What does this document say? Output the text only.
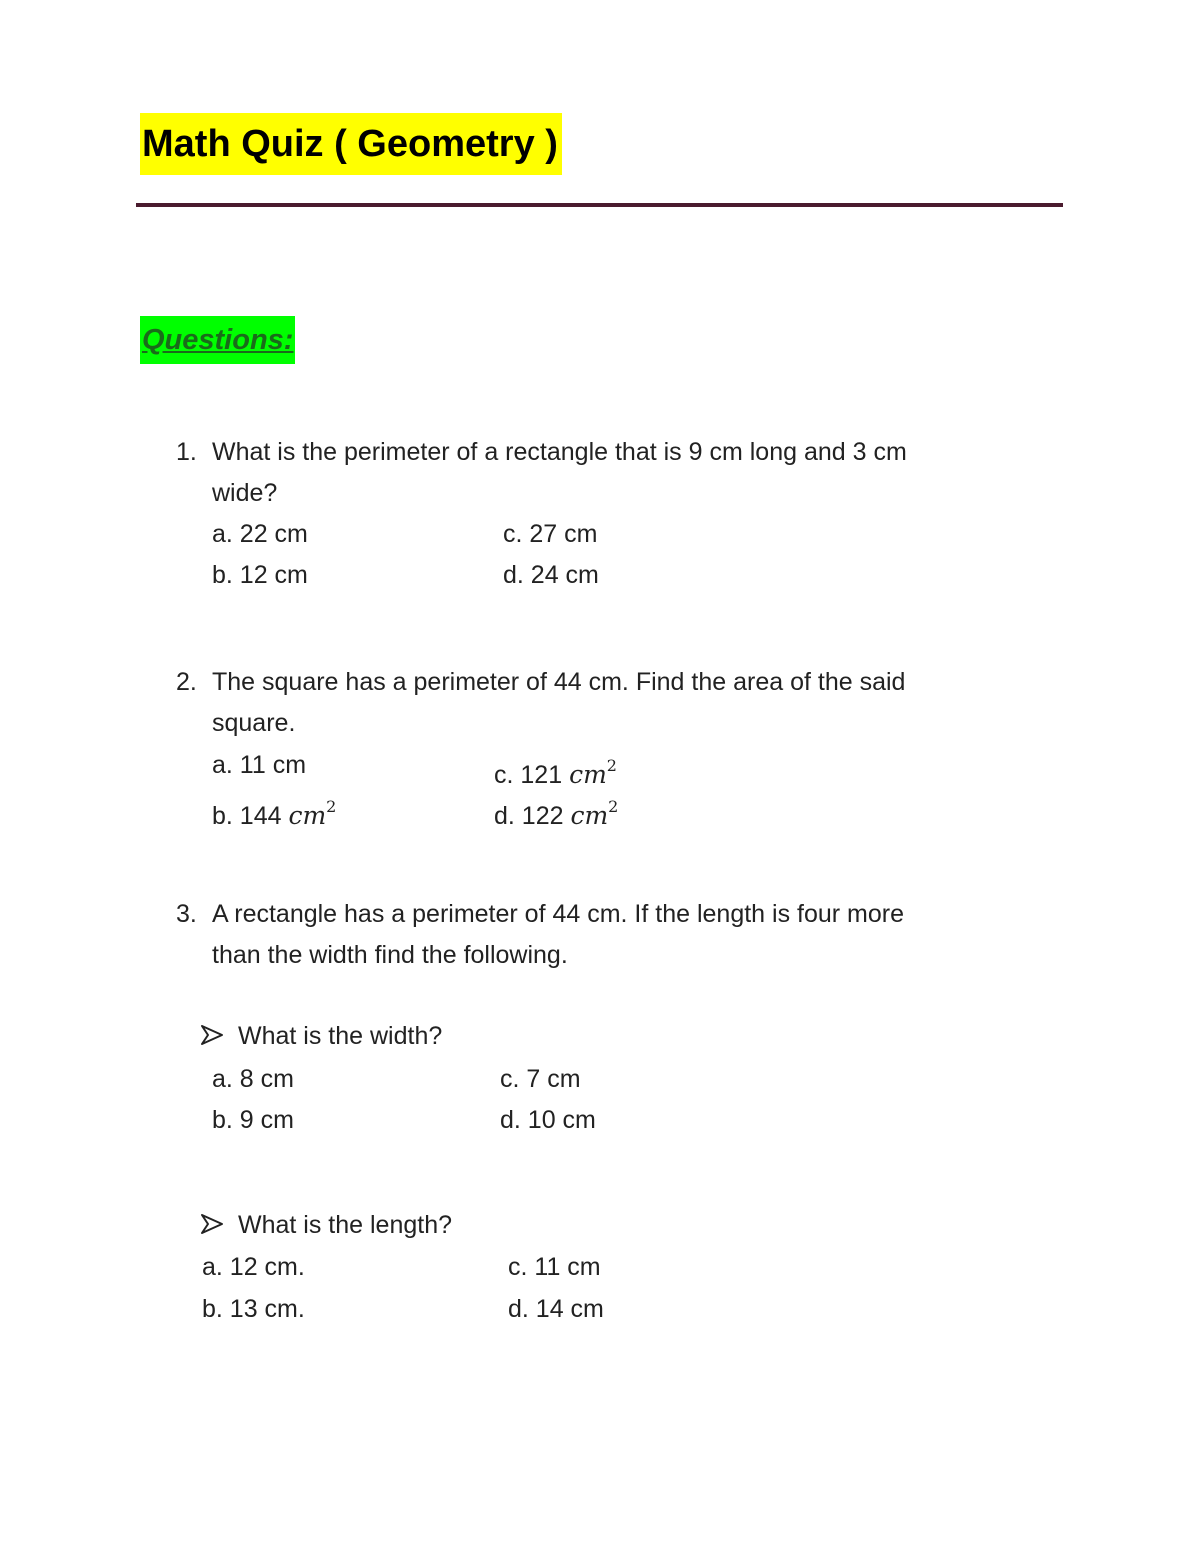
Math Quiz ( Geometry )
Questions:
1. What is the perimeter of a rectangle that is 9 cm long and 3 cm
wide?
a. 22 cm	c. 27 cm
b. 12 cm	d. 24 cm
2. The square has a perimeter of 44 cm. Find the area of the said
square.
a. 11 cm	c. 121 $cm^2$
b. 144 $cm^2$	d. 122 $cm^2$
3. A rectangle has a perimeter of 44 cm. If the length is four more
than the width find the following.
What is the width?
a. 8 cm	c. 7 cm
b. 9 cm	d. 10 cm
What is the length?
a. 12 cm.	c. 11 cm
b. 13 cm.	d. 14 cm
